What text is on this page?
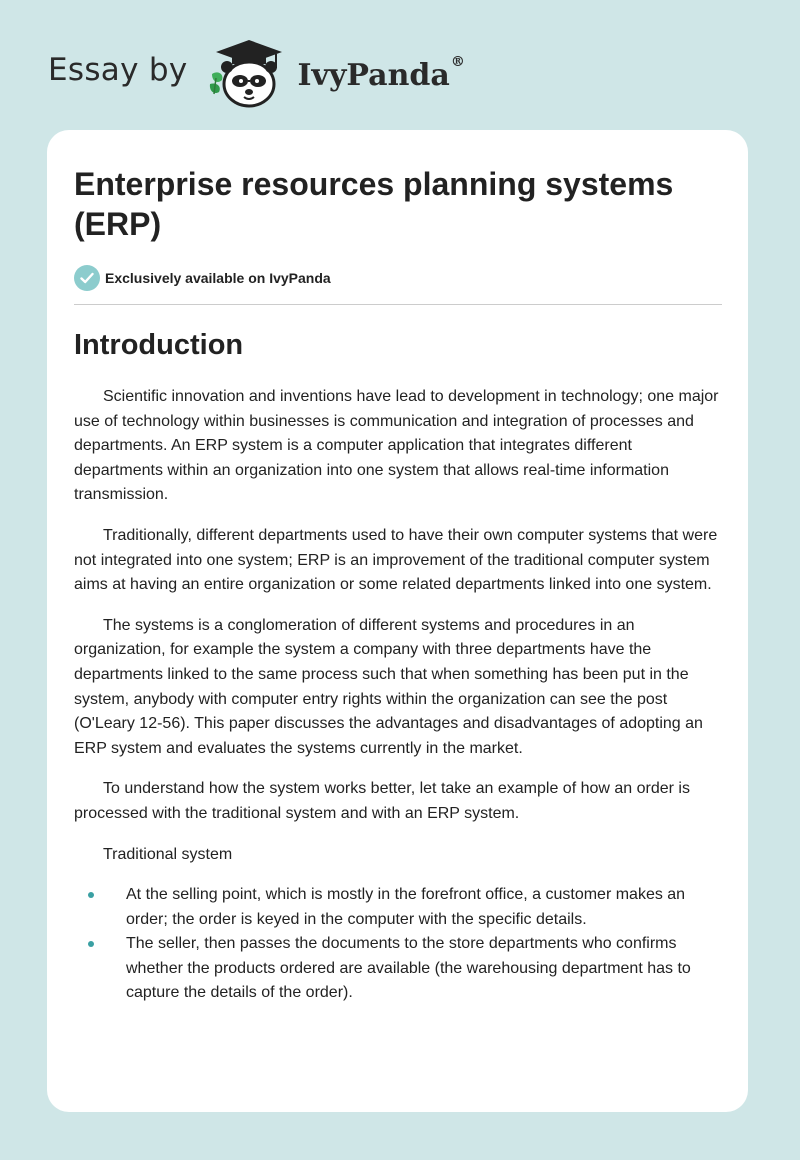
Essay by	IvyPanda®
Enterprise resources planning systems (ERP)
Exclusively available on IvyPanda
Introduction

Scientific innovation and inventions have lead to development in technology; one major use of technology within businesses is communication and integration of processes and departments. An ERP system is a computer application that integrates different departments within an organization into one system that allows real-time information transmission.

Traditionally, different departments used to have their own computer systems that were not integrated into one system; ERP is an improvement of the traditional computer system aims at having an entire organization or some related departments linked into one system.

The systems is a conglomeration of different systems and procedures in an organization, for example the system a company with three departments have the departments linked to the same process such that when something has been put in the system, anybody with computer entry rights within the organization can see the post (O'Leary 12-56). This paper discusses the advantages and disadvantages of adopting an ERP system and evaluates the systems currently in the market.

To understand how the system works better, let take an example of how an order is processed with the traditional system and with an ERP system.

Traditional system

At the selling point, which is mostly in the forefront office, a customer makes an order; the order is keyed in the computer with the specific details.
The seller, then passes the documents to the store departments who confirms whether the products ordered are available (the warehousing department has to capture the details of the order).
